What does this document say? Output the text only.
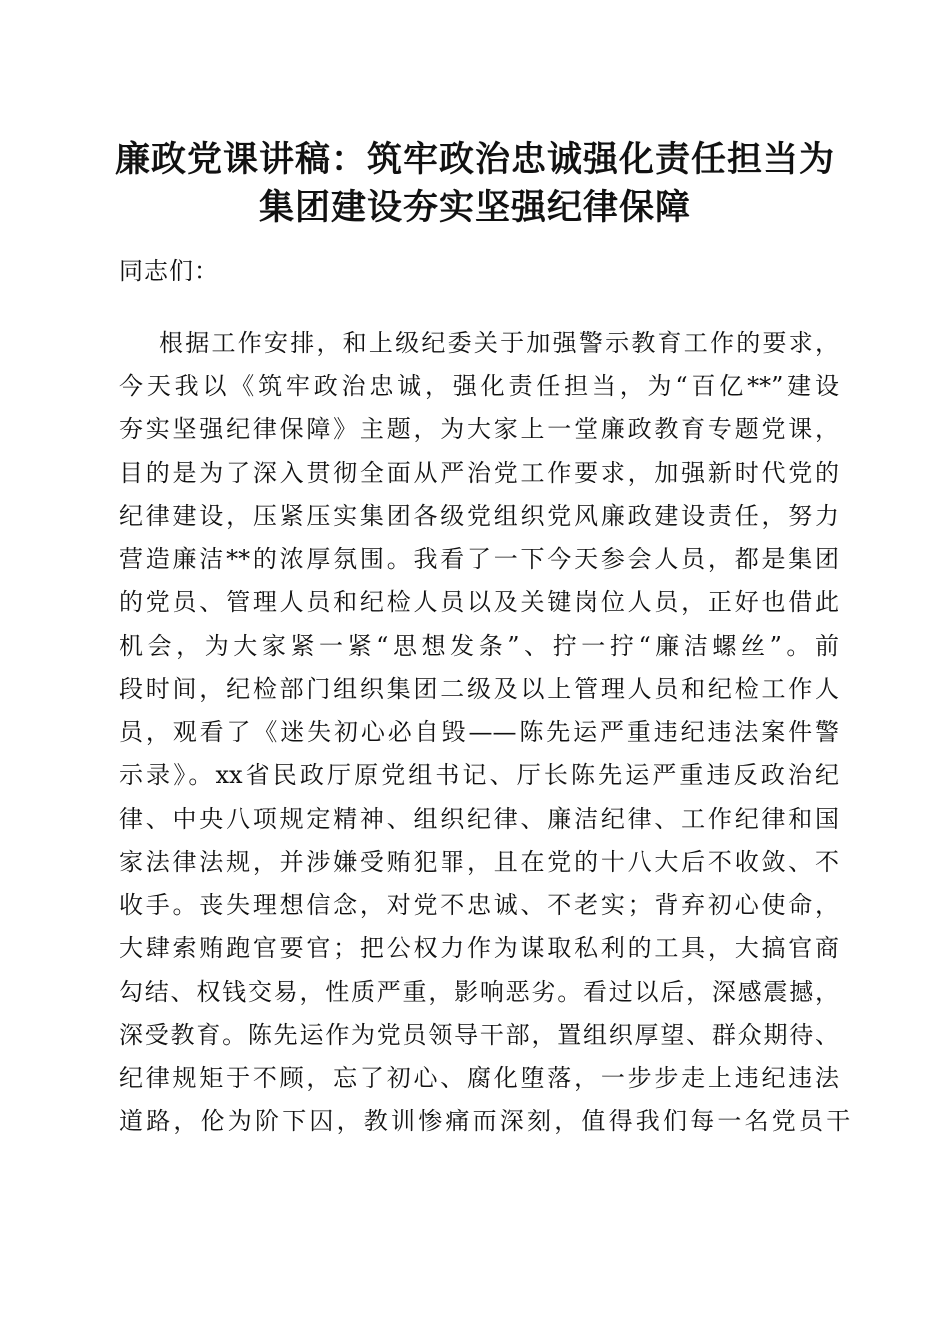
廉政党课讲稿：筑牢政治忠诚强化责任担当为
集团建设夯实坚强纪律保障
同志们：
根据工作安排，和上级纪委关于加强警示教育工作的要求，
今天我以《筑牢政治忠诚，强化责任担当，为“百亿**”建设
夯实坚强纪律保障》主题，为大家上一堂廉政教育专题党课，
目的是为了深入贯彻全面从严治党工作要求，加强新时代党的
纪律建设，压紧压实集团各级党组织党风廉政建设责任，努力
营造廉洁**的浓厚氛围。我看了一下今天参会人员，都是集团
的党员、管理人员和纪检人员以及关键岗位人员，正好也借此
机会，为大家紧一紧“思想发条”、拧一拧“廉洁螺丝”。前
段时间，纪检部门组织集团二级及以上管理人员和纪检工作人
员，观看了《迷失初心必自毁——陈先运严重违纪违法案件警
示录》。xx省民政厅原党组书记、厅长陈先运严重违反政治纪
律、中央八项规定精神、组织纪律、廉洁纪律、工作纪律和国
家法律法规，并涉嫌受贿犯罪，且在党的十八大后不收敛、不
收手。丧失理想信念，对党不忠诚、不老实；背弃初心使命，
大肆索贿跑官要官；把公权力作为谋取私利的工具，大搞官商
勾结、权钱交易，性质严重，影响恶劣。看过以后，深感震撼，
深受教育。陈先运作为党员领导干部，置组织厚望、群众期待、
纪律规矩于不顾，忘了初心、腐化堕落，一步步走上违纪违法
道路，伦为阶下囚，教训惨痛而深刻，值得我们每一名党员干
